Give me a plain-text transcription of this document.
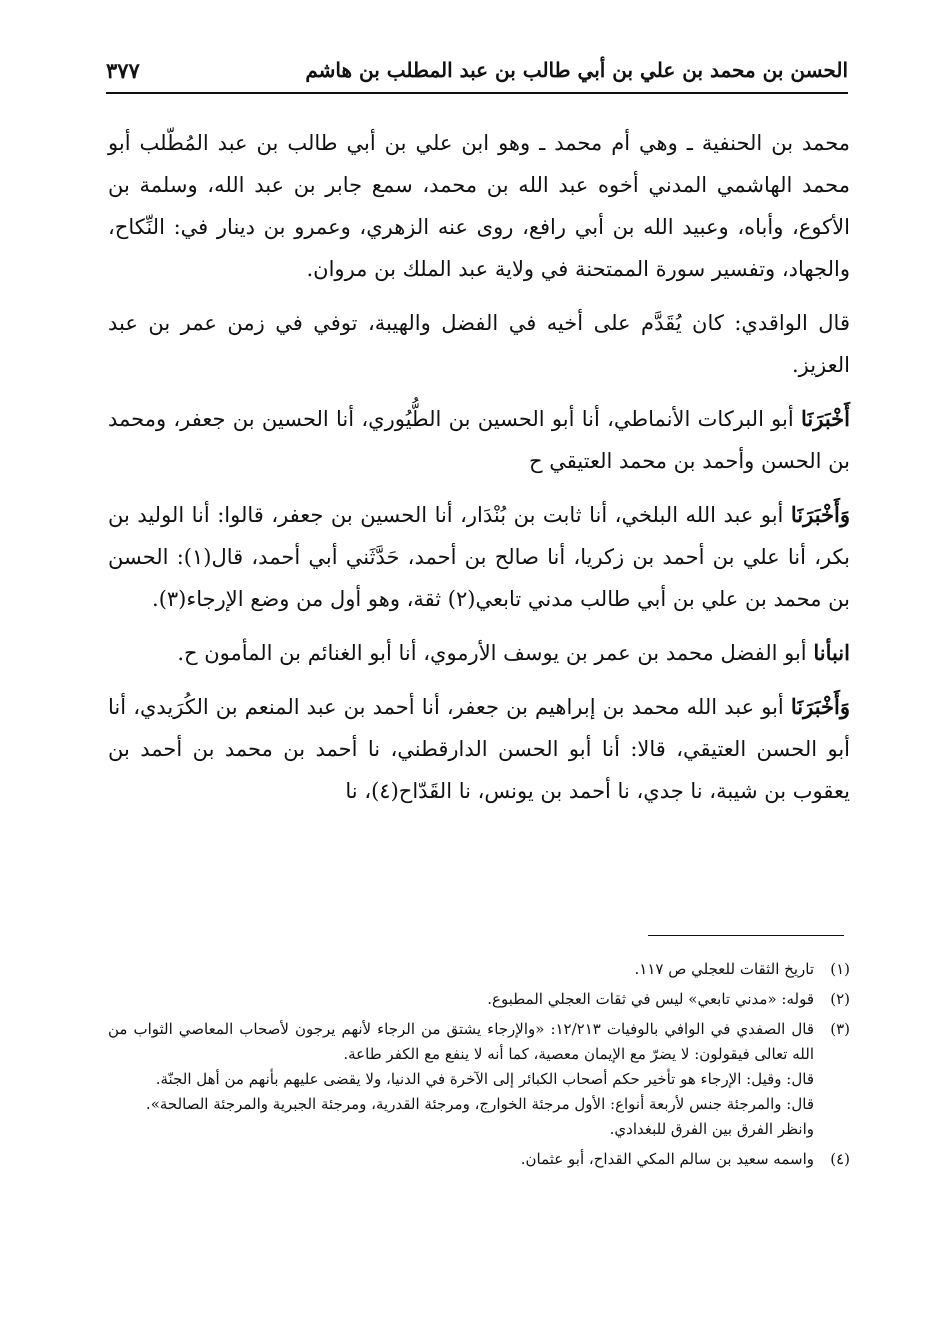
الحسن بن محمد بن علي بن أبي طالب بن عبد المطلب بن هاشم
٣٧٧

محمد بن الحنفية ـ وهي أم محمد ـ وهو ابن علي بن أبي طالب بن عبد المُطّلب أبو محمد الهاشمي المدني أخوه عبد الله بن محمد، سمع جابر بن عبد الله، وسلمة بن الأكوع، وأباه، وعبيد الله بن أبي رافع، روى عنه الزهري، وعمرو بن دينار في: النِّكاح، والجهاد، وتفسير سورة الممتحنة في ولاية عبد الملك بن مروان.

قال الواقدي: كان يُقَدَّم على أخيه في الفضل والهيبة، توفي في زمن عمر بن عبد العزيز.

أَخْبَرَنَا أبو البركات الأنماطي، أنا أبو الحسين بن الطُّيُوري، أنا الحسين بن جعفر، ومحمد بن الحسن وأحمد بن محمد العتيقي ح

وَأَخْبَرَنَا أبو عبد الله البلخي، أنا ثابت بن بُنْدَار، أنا الحسين بن جعفر، قالوا: أنا الوليد بن بكر، أنا علي بن أحمد بن زكريا، أنا صالح بن أحمد، حَدَّثَني أبي أحمد، قال(١): الحسن بن محمد بن علي بن أبي طالب مدني تابعي(٢) ثقة، وهو أول من وضع الإرجاء(٣).

انبأنا أبو الفضل محمد بن عمر بن يوسف الأرموي، أنا أبو الغنائم بن المأمون ح.

وَأَخْبَرَنَا أبو عبد الله محمد بن إبراهيم بن جعفر، أنا أحمد بن عبد المنعم بن الكُرَيدي، أنا أبو الحسن العتيقي، قالا: أنا أبو الحسن الدارقطني، نا أحمد بن محمد بن أحمد بن يعقوب بن شيبة، نا جدي، نا أحمد بن يونس، نا القَدّاح(٤)، نا

(١)
تاريخ الثقات للعجلي ص ١١٧.
(٢)
قوله: «مدني تابعي» ليس في ثقات العجلي المطبوع.
(٣)
قال الصفدي في الوافي بالوفيات ١٢/٢١٣: «والإرجاء يشتق من الرجاء لأنهم يرجون لأصحاب المعاصي الثواب من الله تعالى فيقولون: لا يضرّ مع الإيمان معصية، كما أنه لا ينفع مع الكفر طاعة.
قال: وقيل: الإرجاء هو تأخير حكم أصحاب الكبائر إلى الآخرة في الدنيا، ولا يقضى عليهم بأنهم من أهل الجنّة.
قال: والمرجئة جنس لأربعة أنواع: الأول مرجئة الخوارج، ومرجئة القدرية، ومرجئة الجبرية والمرجئة الصالحة».
وانظر الفرق بين الفرق للبغدادي.
(٤)
واسمه سعيد بن سالم المكي القداح، أبو عثمان.
